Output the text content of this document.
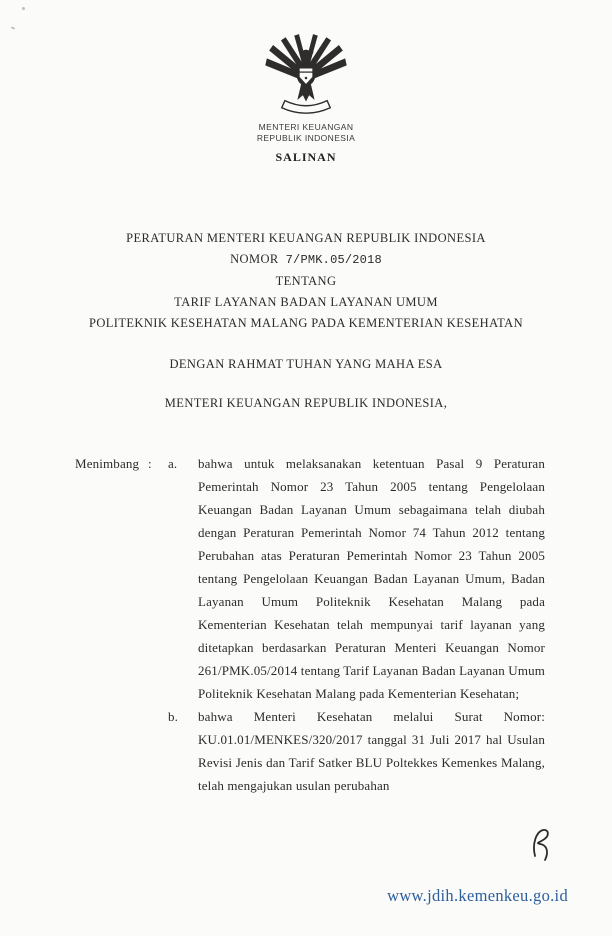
MENTERI KEUANGAN
REPUBLIK INDONESIA
SALINAN
PERATURAN MENTERI KEUANGAN REPUBLIK INDONESIA
NOMOR 7/PMK.05/2018
TENTANG
TARIF LAYANAN BADAN LAYANAN UMUM
POLITEKNIK KESEHATAN MALANG PADA KEMENTERIAN KESEHATAN
DENGAN RAHMAT TUHAN YANG MAHA ESA
MENTERI KEUANGAN REPUBLIK INDONESIA,
Menimbang :	a.	bahwa untuk melaksanakan ketentuan Pasal 9 Peraturan Pemerintah Nomor 23 Tahun 2005 tentang Pengelolaan Keuangan Badan Layanan Umum sebagaimana telah diubah dengan Peraturan Pemerintah Nomor 74 Tahun 2012 tentang Perubahan atas Peraturan Pemerintah Nomor 23 Tahun 2005 tentang Pengelolaan Keuangan Badan Layanan Umum, Badan Layanan Umum Politeknik Kesehatan Malang pada Kementerian Kesehatan telah mempunyai tarif layanan yang ditetapkan berdasarkan Peraturan Menteri Keuangan Nomor 261/PMK.05/2014 tentang Tarif Layanan Badan Layanan Umum Politeknik Kesehatan Malang pada Kementerian Kesehatan;
b.	bahwa Menteri Kesehatan melalui Surat Nomor: KU.01.01/MENKES/320/2017 tanggal 31 Juli 2017 hal Usulan Revisi Jenis dan Tarif Satker BLU Poltekkes Kemenkes Malang, telah mengajukan usulan perubahan
www.jdih.kemenkeu.go.id
